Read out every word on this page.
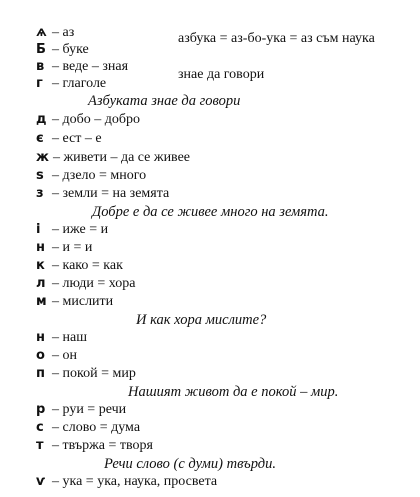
азбука = аз-бо-ука = аз съм наука
знае да говори
ѧ – аз
Б – буке
в – веде – зная
г – глаголе
Азбуката знае да говори
д – добо – добро
є – ест – е
ж – живети – да се живее
ѕ – дзело = много
з – земли = на земята
Добре е да се живее много на земята.
і – иже = и
н – и = и
к – како = как
л – люди = хора
м – мислити
И как хора мислите?
н – наш
о – он
п – покой = мир
Нашият живот да е покой – мир.
р – руи = речи
с – слово = дума
т – твържа = творя
Речи слово (с думи) твърди.
ѵ – ука = ука, наука, просвета
